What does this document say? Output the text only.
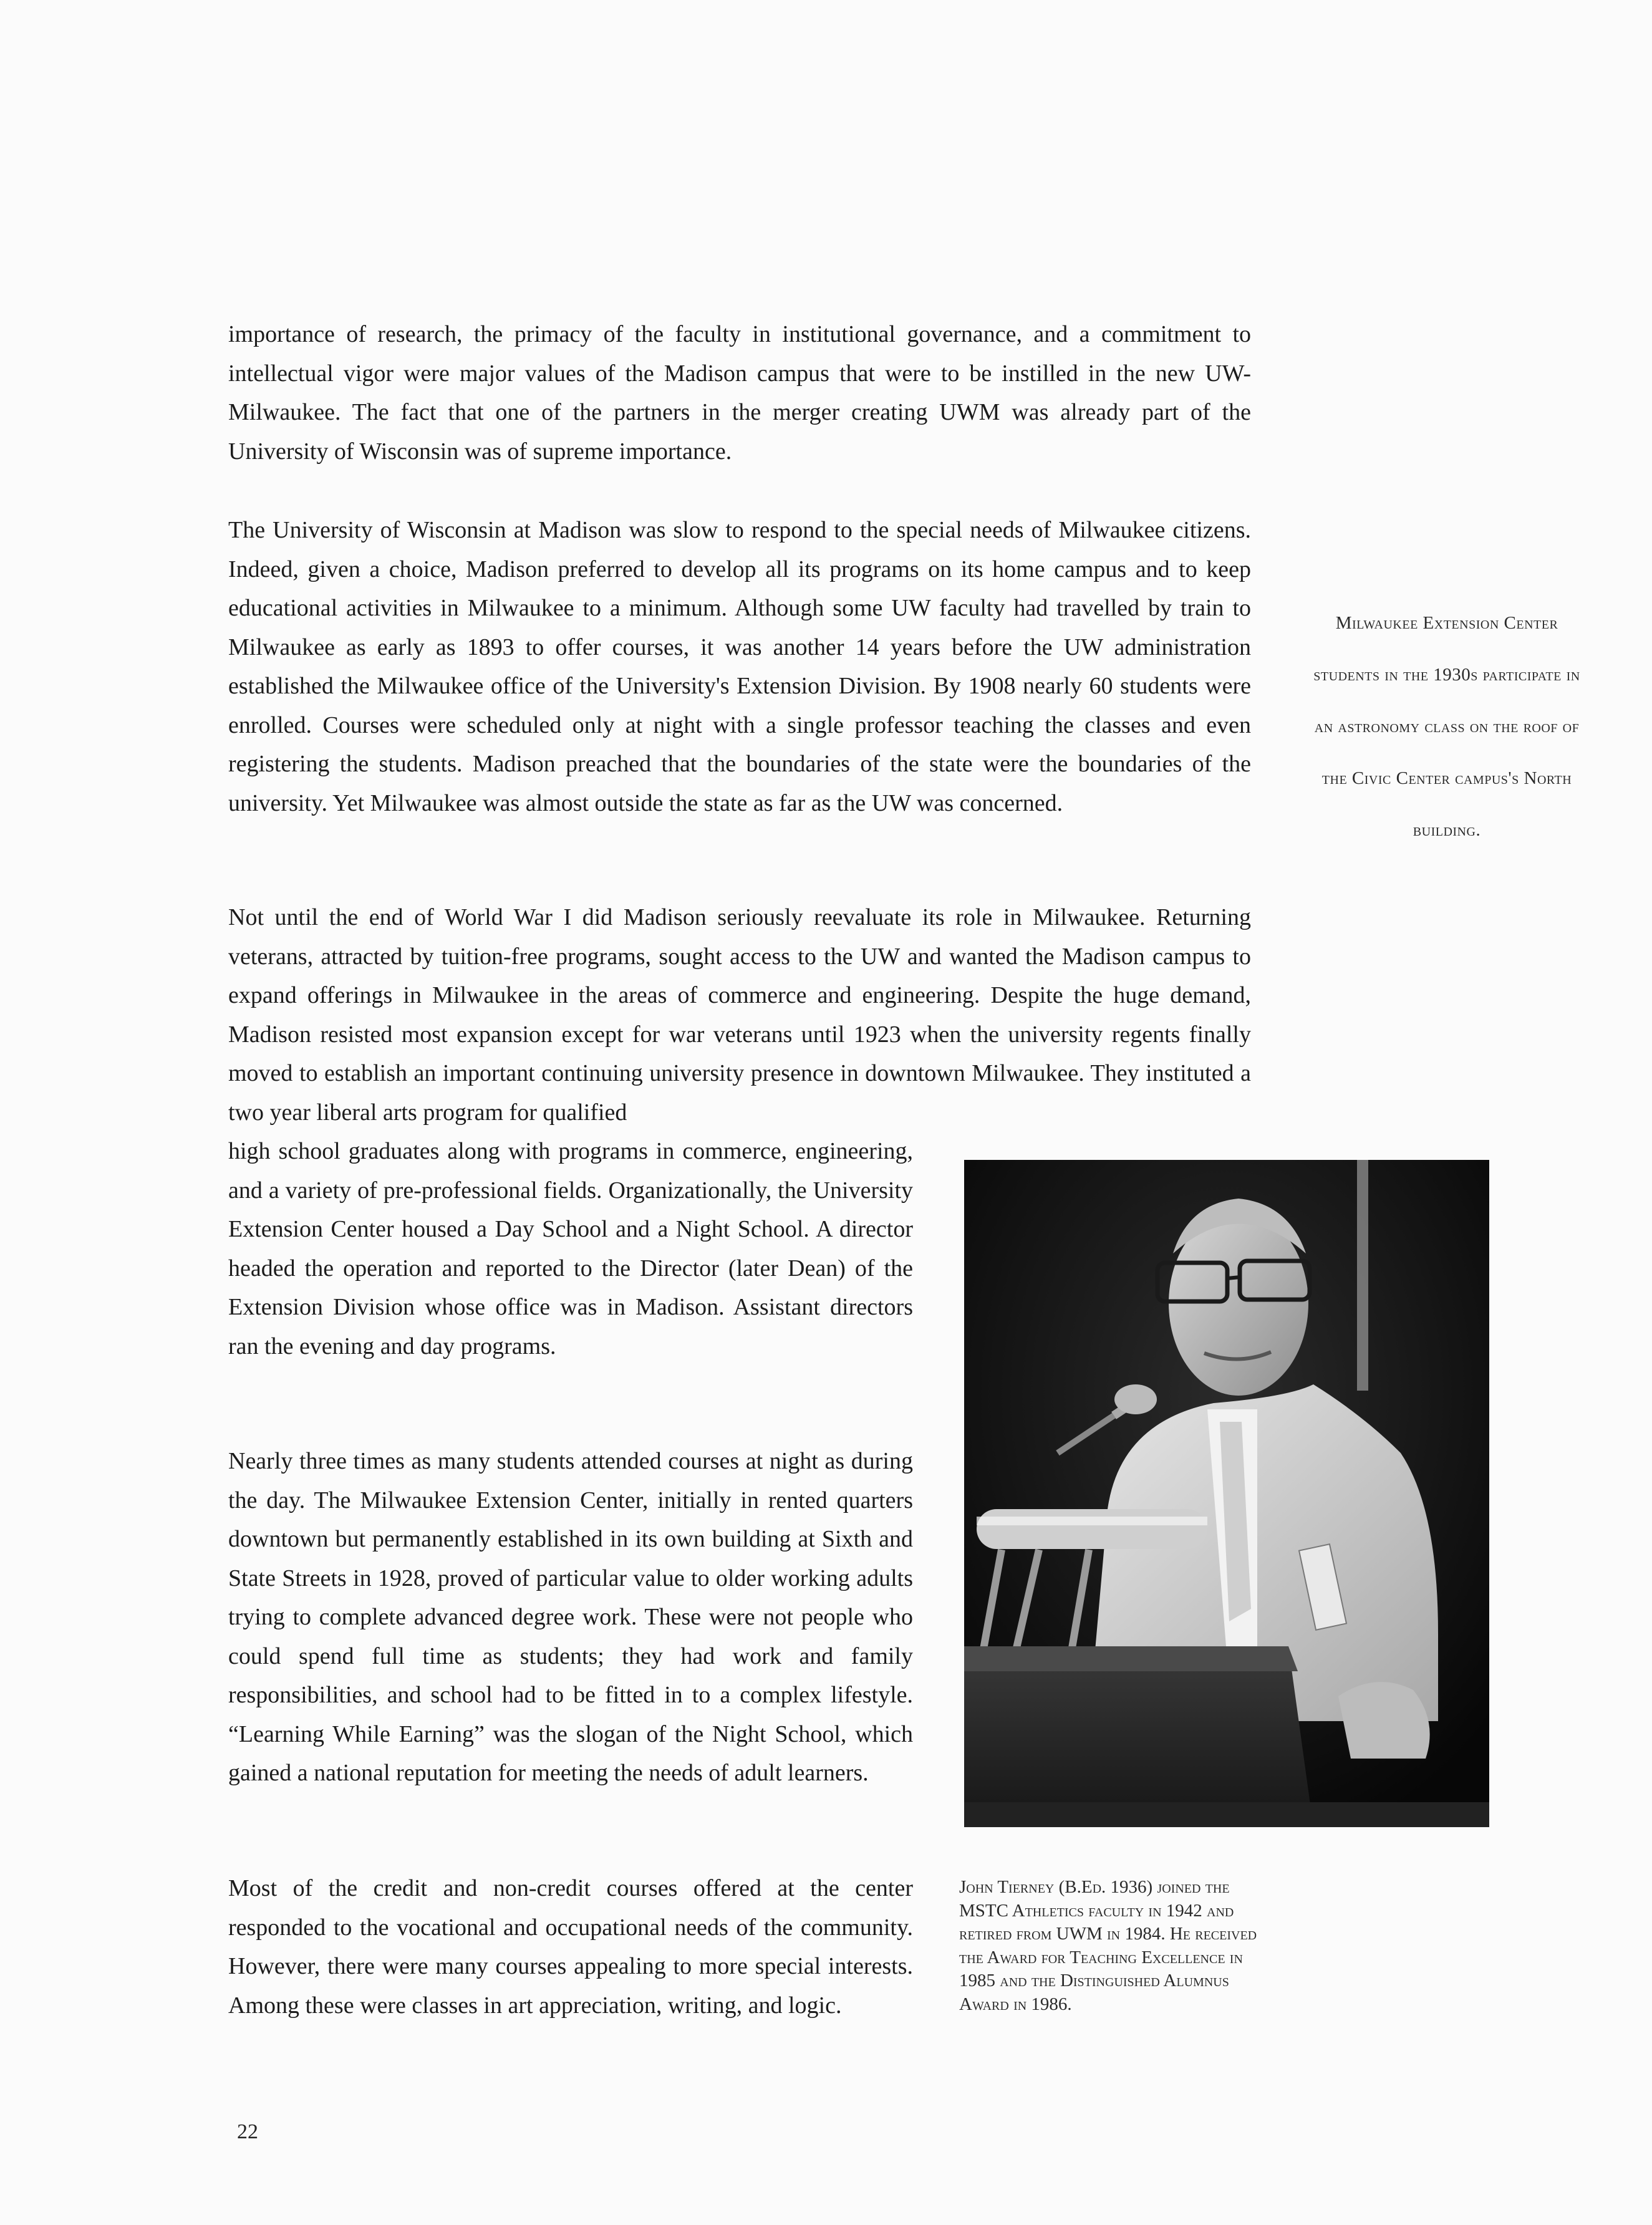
importance of research, the primacy of the faculty in institutional governance, and a commitment to intellectual vigor were major values of the Madison campus that were to be instilled in the new UW-Milwaukee. The fact that one of the partners in the merger creating UWM was already part of the University of Wisconsin was of supreme importance.

The University of Wisconsin at Madison was slow to respond to the special needs of Milwaukee citizens. Indeed, given a choice, Madison preferred to develop all its programs on its home campus and to keep educational activities in Milwaukee to a minimum. Although some UW faculty had travelled by train to Milwaukee as early as 1893 to offer courses, it was another 14 years before the UW administration established the Milwaukee office of the University's Extension Division. By 1908 nearly 60 students were enrolled. Courses were scheduled only at night with a single professor teaching the classes and even registering the students. Madison preached that the boundaries of the state were the boundaries of the university. Yet Milwaukee was almost outside the state as far as the UW was concerned.

Not until the end of World War I did Madison seriously reevaluate its role in Milwaukee. Returning veterans, attracted by tuition-free programs, sought access to the UW and wanted the Madison campus to expand offerings in Milwaukee in the areas of commerce and engineering. Despite the huge demand, Madison resisted most expansion except for war veterans until 1923 when the university regents finally moved to establish an important continuing university presence in downtown Milwaukee. They instituted a two year liberal arts program for qualified

high school graduates along with programs in commerce, engineering, and a variety of pre-professional fields. Organizationally, the University Extension Center housed a Day School and a Night School. A director headed the operation and reported to the Director (later Dean) of the Extension Division whose office was in Madison. Assistant directors ran the evening and day programs.

Nearly three times as many students attended courses at night as during the day. The Milwaukee Extension Center, initially in rented quarters downtown but permanently established in its own building at Sixth and State Streets in 1928, proved of particular value to older working adults trying to complete advanced degree work. These were not people who could spend full time as students; they had work and family responsibilities, and school had to be fitted in to a complex lifestyle. “Learning While Earning” was the slogan of the Night School, which gained a national reputation for meeting the needs of adult learners.

Most of the credit and non-credit courses offered at the center responded to the vocational and occupational needs of the community. However, there were many courses appealing to more special interests. Among these were classes in art appreciation, writing, and logic.

Milwaukee Extension Center students in the 1930s participate in an astronomy class on the roof of the Civic Center campus's North building.

John Tierney (B.Ed. 1936) joined the MSTC Athletics faculty in 1942 and retired from UWM in 1984. He received the Award for Teaching Excellence in 1985 and the Distinguished Alumnus Award in 1986.

22
